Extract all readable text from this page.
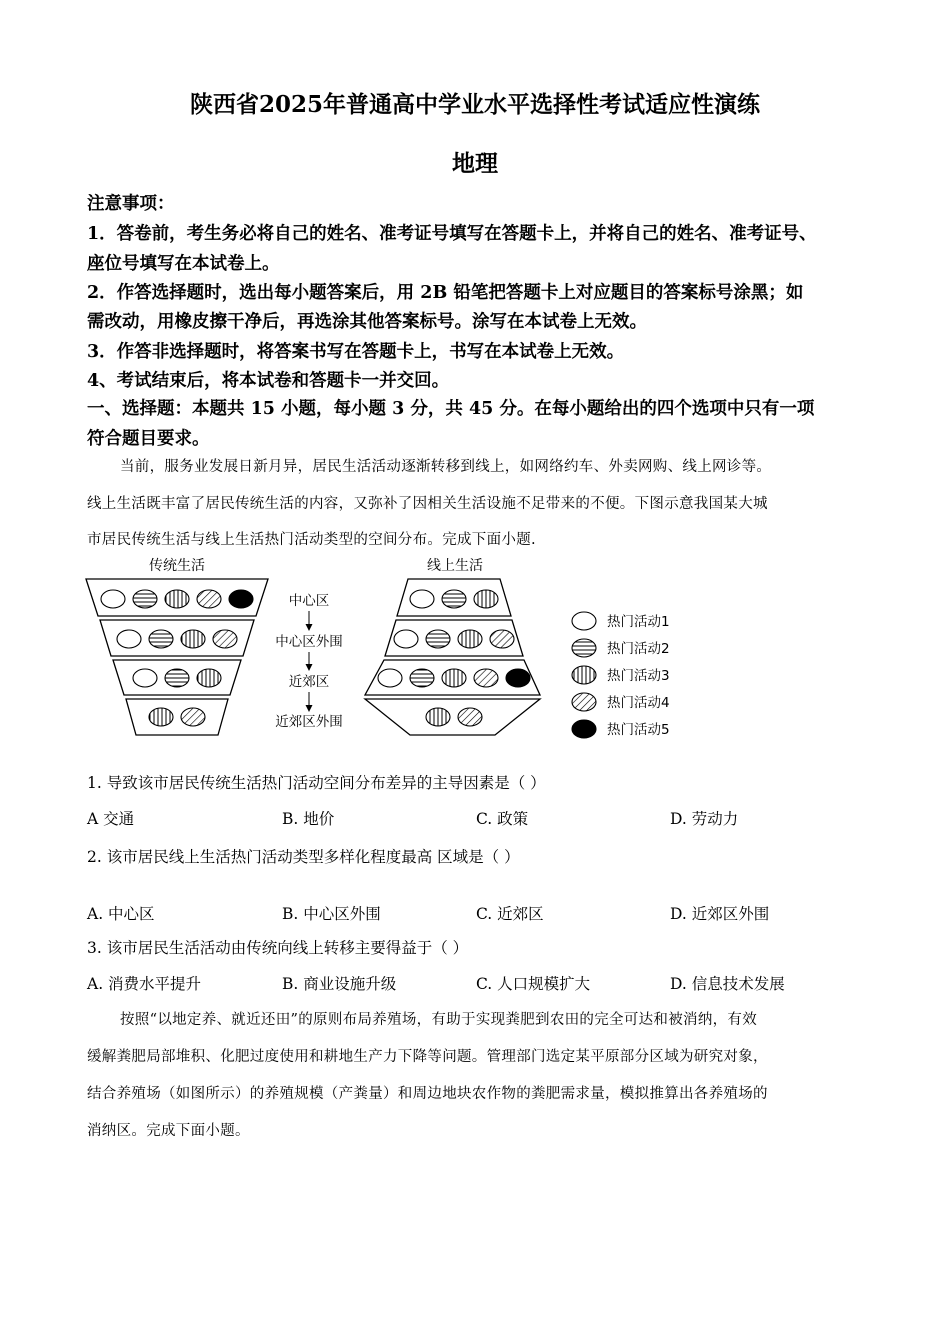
陕西省2025年普通高中学业水平选择性考试适应性演练
地理
注意事项：
1．答卷前，考生务必将自己的姓名、准考证号填写在答题卡上，并将自己的姓名、准考证号、
座位号填写在本试卷上。
2．作答选择题时，选出每小题答案后，用 2B 铅笔把答题卡上对应题目的答案标号涂黑；如
需改动，用橡皮擦干净后，再选涂其他答案标号。涂写在本试卷上无效。
3．作答非选择题时，将答案书写在答题卡上，书写在本试卷上无效。
4、考试结束后，将本试卷和答题卡一并交回。
一、选择题：本题共 15 小题，每小题 3 分，共 45 分。在每小题给出的四个选项中只有一项
符合题目要求。
当前，服务业发展日新月异，居民生活活动逐渐转移到线上，如网络约车、外卖网购、线上网诊等。
线上生活既丰富了居民传统生活的内容，又弥补了因相关生活设施不足带来的不便。下图示意我国某大城
市居民传统生活与线上生活热门活动类型的空间分布。完成下面小题.
传统生活
中心区
中心区外围
近郊区
近郊区外围
线上生活
热门活动1
热门活动2
热门活动3
热门活动4
热门活动5
1. 导致该市居民传统生活热门活动空间分布差异的主导因素是（ ）
A 交通	B. 地价	C. 政策	D. 劳动力
2. 该市居民线上生活热门活动类型多样化程度最高 区域是（ ）
A. 中心区	B. 中心区外围	C. 近郊区	D. 近郊区外围
3. 该市居民生活活动由传统向线上转移主要得益于（ ）
A. 消费水平提升	B. 商业设施升级	C. 人口规模扩大	D. 信息技术发展
按照“以地定养、就近还田”的原则布局养殖场，有助于实现粪肥到农田的完全可达和被消纳，有效
缓解粪肥局部堆积、化肥过度使用和耕地生产力下降等问题。管理部门选定某平原部分区域为研究对象，
结合养殖场（如图所示）的养殖规模（产粪量）和周边地块农作物的粪肥需求量，模拟推算出各养殖场的
消纳区。完成下面小题。
